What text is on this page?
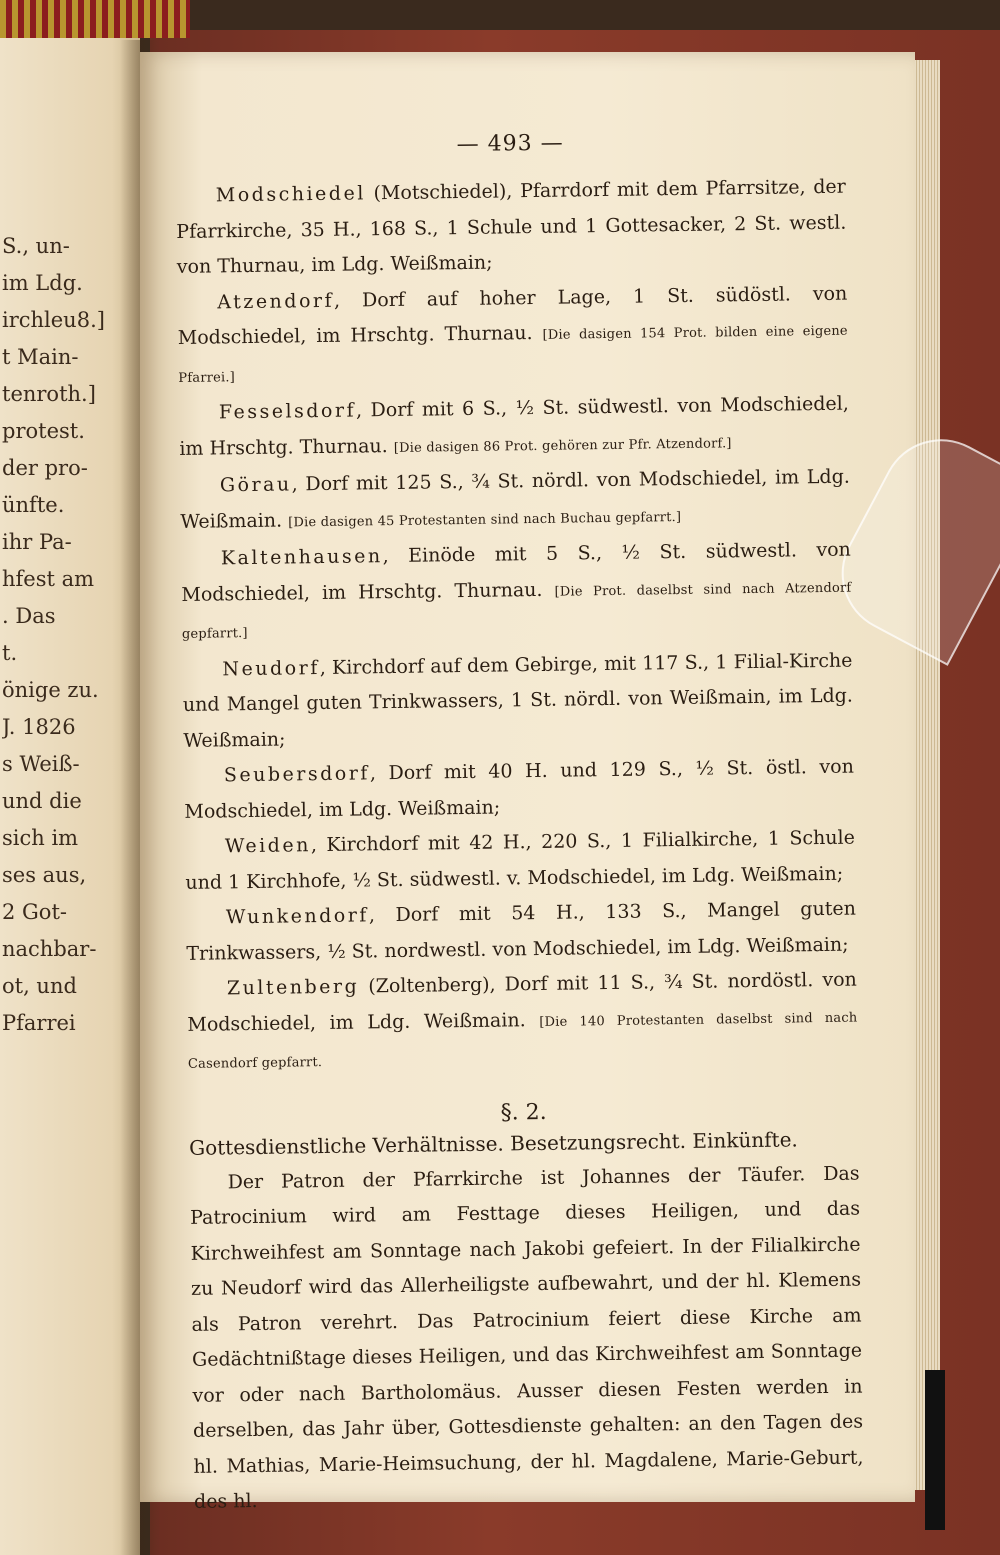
S., un-
im Ldg.
irchleu8.]
t Main-
tenroth.]
protest.
der pro-
ünfte.
ihr Pa-
hfest am
. Das
t.
önige zu.
J. 1826
s Weiß-
und die
sich im
ses aus,
2 Got-
nachbar-
ot, und
Pfarrei
— 493 —

Modschiedel (Motschiedel), Pfarrdorf mit dem Pfarrsitze, der Pfarrkirche, 35 H., 168 S., 1 Schule und 1 Gottesacker, 2 St. westl. von Thurnau, im Ldg. Weißmain;

Atzendorf, Dorf auf hoher Lage, 1 St. südöstl. von Modschiedel, im Hrschtg. Thurnau. [Die dasigen 154 Prot. bilden eine eigene Pfarrei.]

Fesselsdorf, Dorf mit 6 S., ½ St. südwestl. von Modschiedel, im Hrschtg. Thurnau. [Die dasigen 86 Prot. gehören zur Pfr. Atzendorf.]

Görau, Dorf mit 125 S., ¾ St. nördl. von Modschiedel, im Ldg. Weißmain. [Die dasigen 45 Protestanten sind nach Buchau gepfarrt.]

Kaltenhausen, Einöde mit 5 S., ½ St. südwestl. von Modschiedel, im Hrschtg. Thurnau. [Die Prot. daselbst sind nach Atzendorf gepfarrt.]

Neudorf, Kirchdorf auf dem Gebirge, mit 117 S., 1 Filial-Kirche und Mangel guten Trinkwassers, 1 St. nördl. von Weißmain, im Ldg. Weißmain;

Seubersdorf, Dorf mit 40 H. und 129 S., ½ St. östl. von Modschiedel, im Ldg. Weißmain;

Weiden, Kirchdorf mit 42 H., 220 S., 1 Filialkirche, 1 Schule und 1 Kirchhofe, ½ St. südwestl. v. Modschiedel, im Ldg. Weißmain;

Wunkendorf, Dorf mit 54 H., 133 S., Mangel guten Trinkwassers, ½ St. nordwestl. von Modschiedel, im Ldg. Weißmain;

Zultenberg (Zoltenberg), Dorf mit 11 S., ¾ St. nordöstl. von Modschiedel, im Ldg. Weißmain. [Die 140 Protestanten daselbst sind nach Casendorf gepfarrt.

§. 2.
Gottesdienstliche Verhältnisse. Besetzungsrecht. Einkünfte.

Der Patron der Pfarrkirche ist Johannes der Täufer. Das Patrocinium wird am Festtage dieses Heiligen, und das Kirchweihfest am Sonntage nach Jakobi gefeiert. In der Filialkirche zu Neudorf wird das Allerheiligste aufbewahrt, und der hl. Klemens als Patron verehrt. Das Patrocinium feiert diese Kirche am Gedächtnißtage dieses Heiligen, und das Kirchweihfest am Sonntage vor oder nach Bartholomäus. Ausser diesen Festen werden in derselben, das Jahr über, Gottesdienste gehalten: an den Tagen des hl. Mathias, Marie-Heimsuchung, der hl. Magdalene, Marie-Geburt, des hl.
